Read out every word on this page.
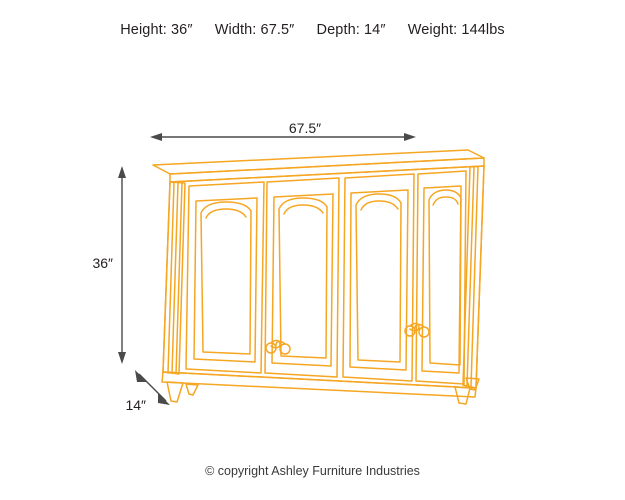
Height: 36″ Width: 67.5″ Depth: 14″ Weight: 144lbs
67.5″
36″
14″
© copyright Ashley Furniture Industries
